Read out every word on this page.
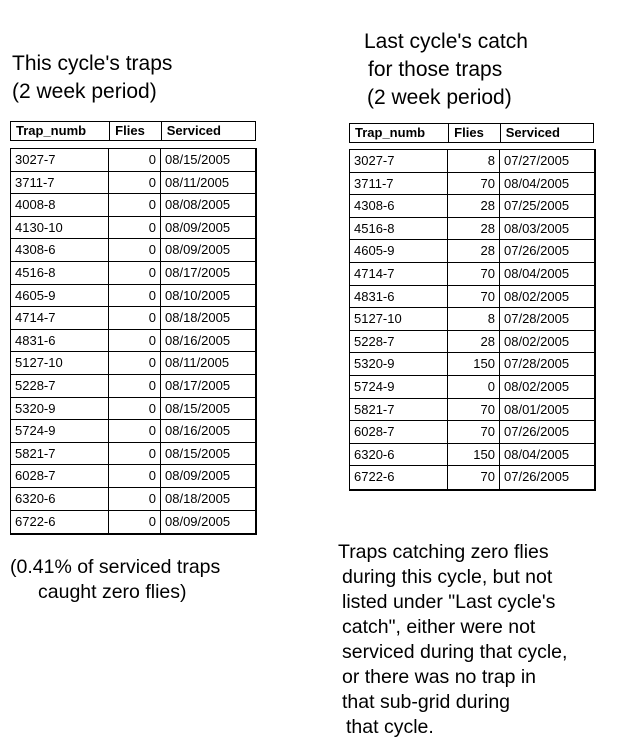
This cycle's traps
(2 week period)
Last cycle's catch
for those traps
(2 week period)
Trap_numb	Flies	Serviced
3027-7	0 08/15/2005
3711-7	0 08/11/2005
4008-8	0 08/08/2005
4130-10	0 08/09/2005
4308-6	0 08/09/2005
4516-8	0 08/17/2005
4605-9	0 08/10/2005
4714-7	0 08/18/2005
4831-6	0 08/16/2005
5127-10	0 08/11/2005
5228-7	0 08/17/2005
5320-9	0 08/15/2005
5724-9	0 08/16/2005
5821-7	0 08/15/2005
6028-7	0 08/09/2005
6320-6	0 08/18/2005
6722-6	0 08/09/2005
Trap_numb	Flies	Serviced
3027-7	8 07/27/2005
3711-7	70 08/04/2005
4308-6	28 07/25/2005
4516-8	28 08/03/2005
4605-9	28 07/26/2005
4714-7	70 08/04/2005
4831-6	70 08/02/2005
5127-10	8 07/28/2005
5228-7	28 08/02/2005
5320-9	150 07/28/2005
5724-9	0 08/02/2005
5821-7	70 08/01/2005
6028-7	70 07/26/2005
6320-6	150 08/04/2005
6722-6	70 07/26/2005
(0.41% of serviced traps
caught zero flies)
Traps catching zero flies
during this cycle, but not
listed under "Last cycle's
catch", either were not
serviced during that cycle,
or there was no trap in
that sub-grid during
that cycle.
